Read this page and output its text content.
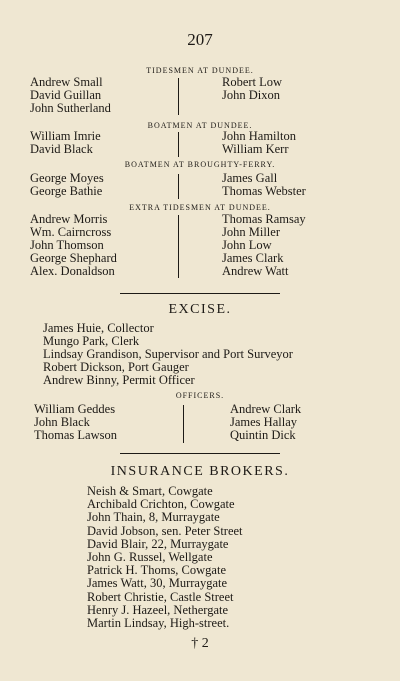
207
TIDESMEN AT DUNDEE.
Andrew Small
David Guillan
John Sutherland
Robert Low
John Dixon
BOATMEN AT DUNDEE.
William Imrie
David Black
John Hamilton
William Kerr
BOATMEN AT BROUGHTY-FERRY.
George Moyes
George Bathie
James Gall
Thomas Webster
EXTRA TIDESMEN AT DUNDEE.
Andrew Morris
Wm. Cairncross
John Thomson
George Shephard
Alex. Donaldson
Thomas Ramsay
John Miller
John Low
James Clark
Andrew Watt
EXCISE.
James Huie, Collector
Mungo Park, Clerk
Lindsay Grandison, Supervisor and Port Surveyor
Robert Dickson, Port Gauger
Andrew Binny, Permit Officer
OFFICERS.
William Geddes
John Black
Thomas Lawson
Andrew Clark
James Hallay
Quintin Dick
INSURANCE BROKERS.
Neish & Smart, Cowgate
Archibald Crichton, Cowgate
John Thain, 8, Murraygate
David Jobson, sen. Peter Street
David Blair, 22, Murraygate
John G. Russel, Wellgate
Patrick H. Thoms, Cowgate
James Watt, 30, Murraygate
Robert Christie, Castle Street
Henry J. Hazeel, Nethergate
Martin Lindsay, High-street.
† 2
